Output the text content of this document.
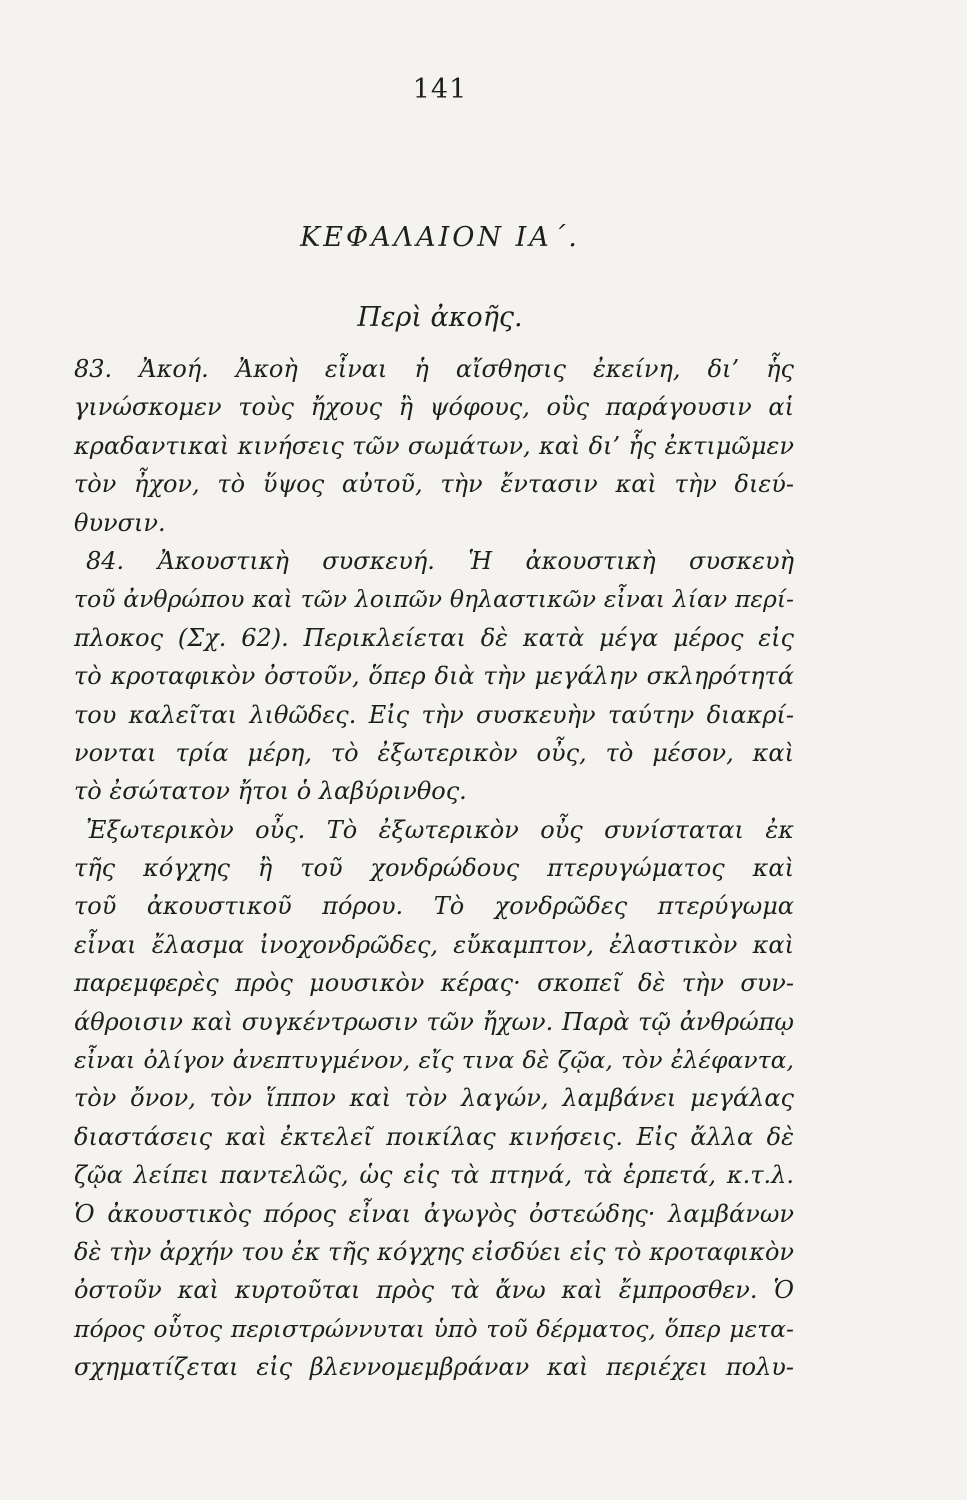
141
ΚΕΦΑΛΑΙΟΝ ΙΑ΄.
Περὶ ἀκοῆς.
83. Ἀκοή. Ἀκοὴ εἶναι ἡ αἴσθησις ἐκείνη, δι’ ἧς
γινώσκομεν τοὺς ἤχους ἢ ψόφους, οὓς παράγουσιν αἱ
κραδαντικαὶ κινήσεις τῶν σωμάτων, καὶ δι’ ἧς ἐκτιμῶμεν
τὸν ἦχον, τὸ ὕψος αὐτοῦ, τὴν ἔντασιν καὶ τὴν διεύ-
θυνσιν.
84. Ἀκουστικὴ συσκευή. Ἡ ἀκουστικὴ συσκευὴ
τοῦ ἀνθρώπου καὶ τῶν λοιπῶν θηλαστικῶν εἶναι λίαν περί-
πλοκος (Σχ. 62). Περικλείεται δὲ κατὰ μέγα μέρος εἰς
τὸ κροταφικὸν ὀστοῦν, ὅπερ διὰ τὴν μεγάλην σκληρότητά
του καλεῖται λιθῶδες. Εἰς τὴν συσκευὴν ταύτην διακρί-
νονται τρία μέρη, τὸ ἐξωτερικὸν οὖς, τὸ μέσον, καὶ
τὸ ἐσώτατον ἤτοι ὁ λαβύρινθος.
Ἐξωτερικὸν οὖς. Τὸ ἐξωτερικὸν οὖς συνίσταται ἐκ
τῆς κόγχης ἢ τοῦ χονδρώδους πτερυγώματος καὶ
τοῦ ἀκουστικοῦ πόρου. Τὸ χονδρῶδες πτερύγωμα
εἶναι ἔλασμα ἰνοχονδρῶδες, εὔκαμπτον, ἐλαστικὸν καὶ
παρεμφερὲς πρὸς μουσικὸν κέρας· σκοπεῖ δὲ τὴν συν-
άθροισιν καὶ συγκέντρωσιν τῶν ἤχων. Παρὰ τῷ ἀνθρώπῳ
εἶναι ὀλίγον ἀνεπτυγμένον, εἴς τινα δὲ ζῷα, τὸν ἐλέφαντα,
τὸν ὄνον, τὸν ἵππον καὶ τὸν λαγών, λαμβάνει μεγάλας
διαστάσεις καὶ ἐκτελεῖ ποικίλας κινήσεις. Εἰς ἄλλα δὲ
ζῷα λείπει παντελῶς, ὡς εἰς τὰ πτηνά, τὰ ἑρπετά, κ.τ.λ.
Ὁ ἀκουστικὸς πόρος εἶναι ἀγωγὸς ὀστεώδης· λαμβάνων
δὲ τὴν ἀρχήν του ἐκ τῆς κόγχης εἰσδύει εἰς τὸ κροταφικὸν
ὀστοῦν καὶ κυρτοῦται πρὸς τὰ ἄνω καὶ ἔμπροσθεν. Ὁ
πόρος οὗτος περιστρώννυται ὑπὸ τοῦ δέρματος, ὅπερ μετα-
σχηματίζεται εἰς βλεννομεμβράναν καὶ περιέχει πολυ-
